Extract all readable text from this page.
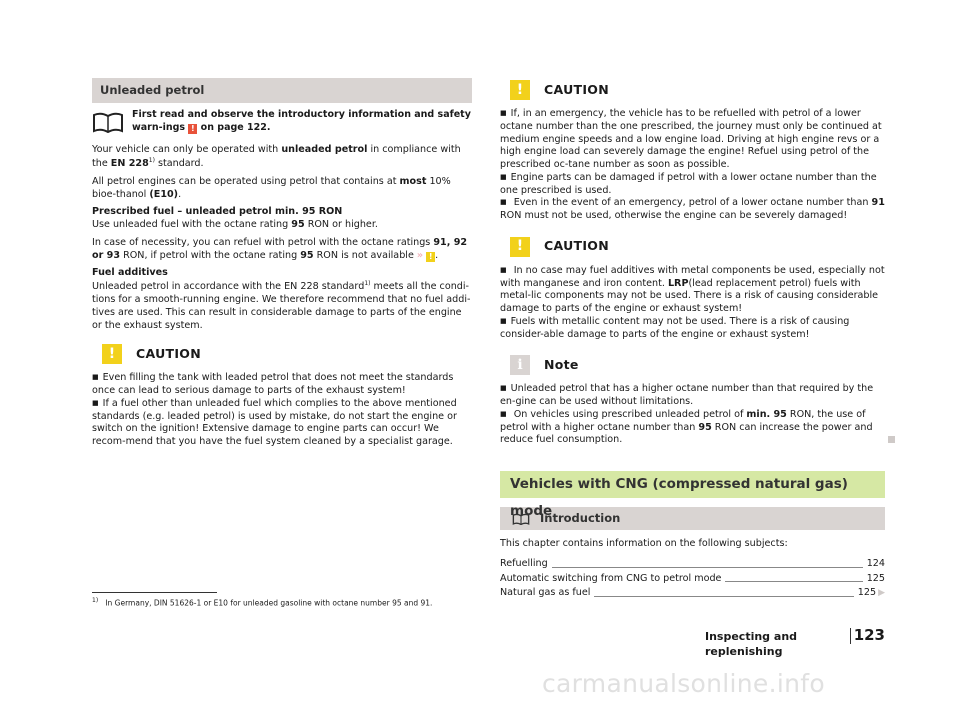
Unleaded petrol
First read and observe the introductory information and safety warn-ings ! on page 122.

Your vehicle can only be operated with unleaded petrol in compliance with the EN 228$^{1)}$ standard.

All petrol engines can be operated using petrol that contains at most 10% bioe-thanol (E10).

Prescribed fuel – unleaded petrol min. 95 RON
Use unleaded fuel with the octane rating 95 RON or higher.

In case of necessity, you can refuel with petrol with the octane ratings 91, 92 or 93 RON, if petrol with the octane rating 95 RON is not available » ! .

Fuel additives
Unleaded petrol in accordance with the EN 228 standard$^{1)}$ meets all the condi-tions for a smooth-running engine. We therefore recommend that no fuel addi-tives are used. This can result in considerable damage to parts of the engine or the exhaust system.

!	CAUTION

■ Even filling the tank with leaded petrol that does not meet the standards once can lead to serious damage to parts of the exhaust system!

■ If a fuel other than unleaded fuel which complies to the above mentioned standards (e.g. leaded petrol) is used by mistake, do not start the engine or switch on the ignition! Extensive damage to engine parts can occur! We recom-mend that you have the fuel system cleaned by a specialist garage.

!	CAUTION

■ If, in an emergency, the vehicle has to be refuelled with petrol of a lower octane number than the one prescribed, the journey must only be continued at medium engine speeds and a low engine load. Driving at high engine revs or a high engine load can severely damage the engine! Refuel using petrol of the prescribed oc-tane number as soon as possible.

■ Engine parts can be damaged if petrol with a lower octane number than the one prescribed is used.

■ Even in the event of an emergency, petrol of a lower octane number than 91 RON must not be used, otherwise the engine can be severely damaged!

!	CAUTION

■ In no case may fuel additives with metal components be used, especially not with manganese and iron content. LRP(lead replacement petrol) fuels with metal-lic components may not be used. There is a risk of causing considerable damage to parts of the engine or exhaust system!

■ Fuels with metallic content may not be used. There is a risk of causing consider-able damage to parts of the engine or exhaust system!

i	Note

■ Unleaded petrol that has a higher octane number than that required by the en-gine can be used without limitations.

■ On vehicles using prescribed unleaded petrol of min. 95 RON, the use of petrol with a higher octane number than 95 RON can increase the power and reduce fuel consumption.

Vehicles with CNG (compressed natural gas) mode
Introduction

This chapter contains information on the following subjects:

Refuelling	124
Automatic switching from CNG to petrol mode	125
Natural gas as fuel	125 ▶
$^{1)}$ In Germany, DIN 51626-1 or E10 for unleaded gasoline with octane number 95 and 91.
Inspecting and replenishing
123
carmanualsonline.info
